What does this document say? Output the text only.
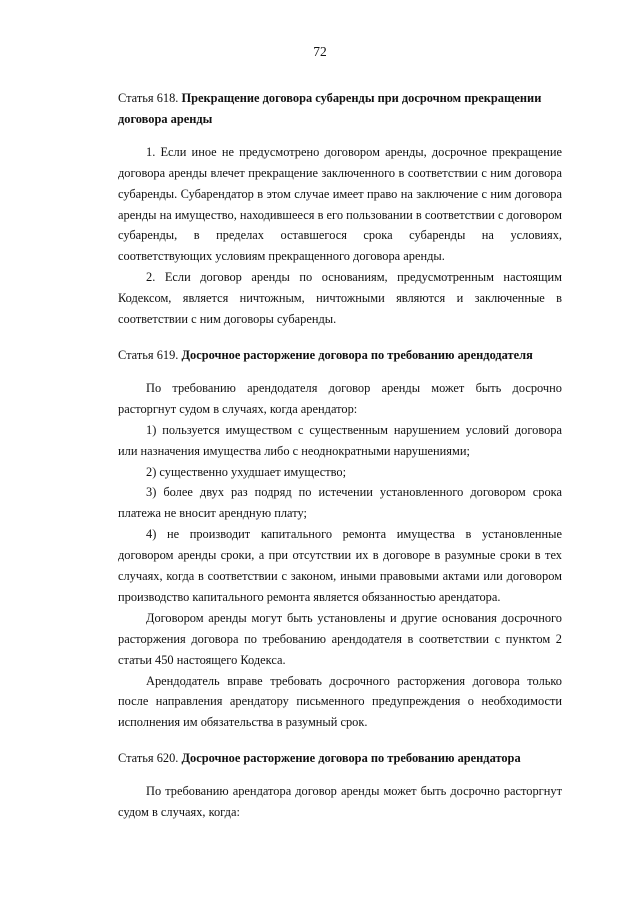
72

Статья 618. Прекращение договора субаренды при досрочном прекращении договора аренды

1. Если иное не предусмотрено договором аренды, досрочное прекращение договора аренды влечет прекращение заключенного в соответствии с ним договора субаренды. Субарендатор в этом случае имеет право на заключение с ним договора аренды на имущество, находившееся в его пользовании в соответствии с договором субаренды, в пределах оставшегося срока субаренды на условиях, соответствующих условиям прекращенного договора аренды.

2. Если договор аренды по основаниям, предусмотренным настоящим Кодексом, является ничтожным, ничтожными являются и заключенные в соответствии с ним договоры субаренды.

Статья 619. Досрочное расторжение договора по требованию арендодателя

По требованию арендодателя договор аренды может быть досрочно расторгнут судом в случаях, когда арендатор:

1) пользуется имуществом с существенным нарушением условий договора или назначения имущества либо с неоднократными нарушениями;

2) существенно ухудшает имущество;

3) более двух раз подряд по истечении установленного договором срока платежа не вносит арендную плату;

4) не производит капитального ремонта имущества в установленные договором аренды сроки, а при отсутствии их в договоре в разумные сроки в тех случаях, когда в соответствии с законом, иными правовыми актами или договором производство капитального ремонта является обязанностью арендатора.

Договором аренды могут быть установлены и другие основания досрочного расторжения договора по требованию арендодателя в соответствии с пунктом 2 статьи 450 настоящего Кодекса.

Арендодатель вправе требовать досрочного расторжения договора только после направления арендатору письменного предупреждения о необходимости исполнения им обязательства в разумный срок.

Статья 620. Досрочное расторжение договора по требованию арендатора

По требованию арендатора договор аренды может быть досрочно расторгнут судом в случаях, когда:
